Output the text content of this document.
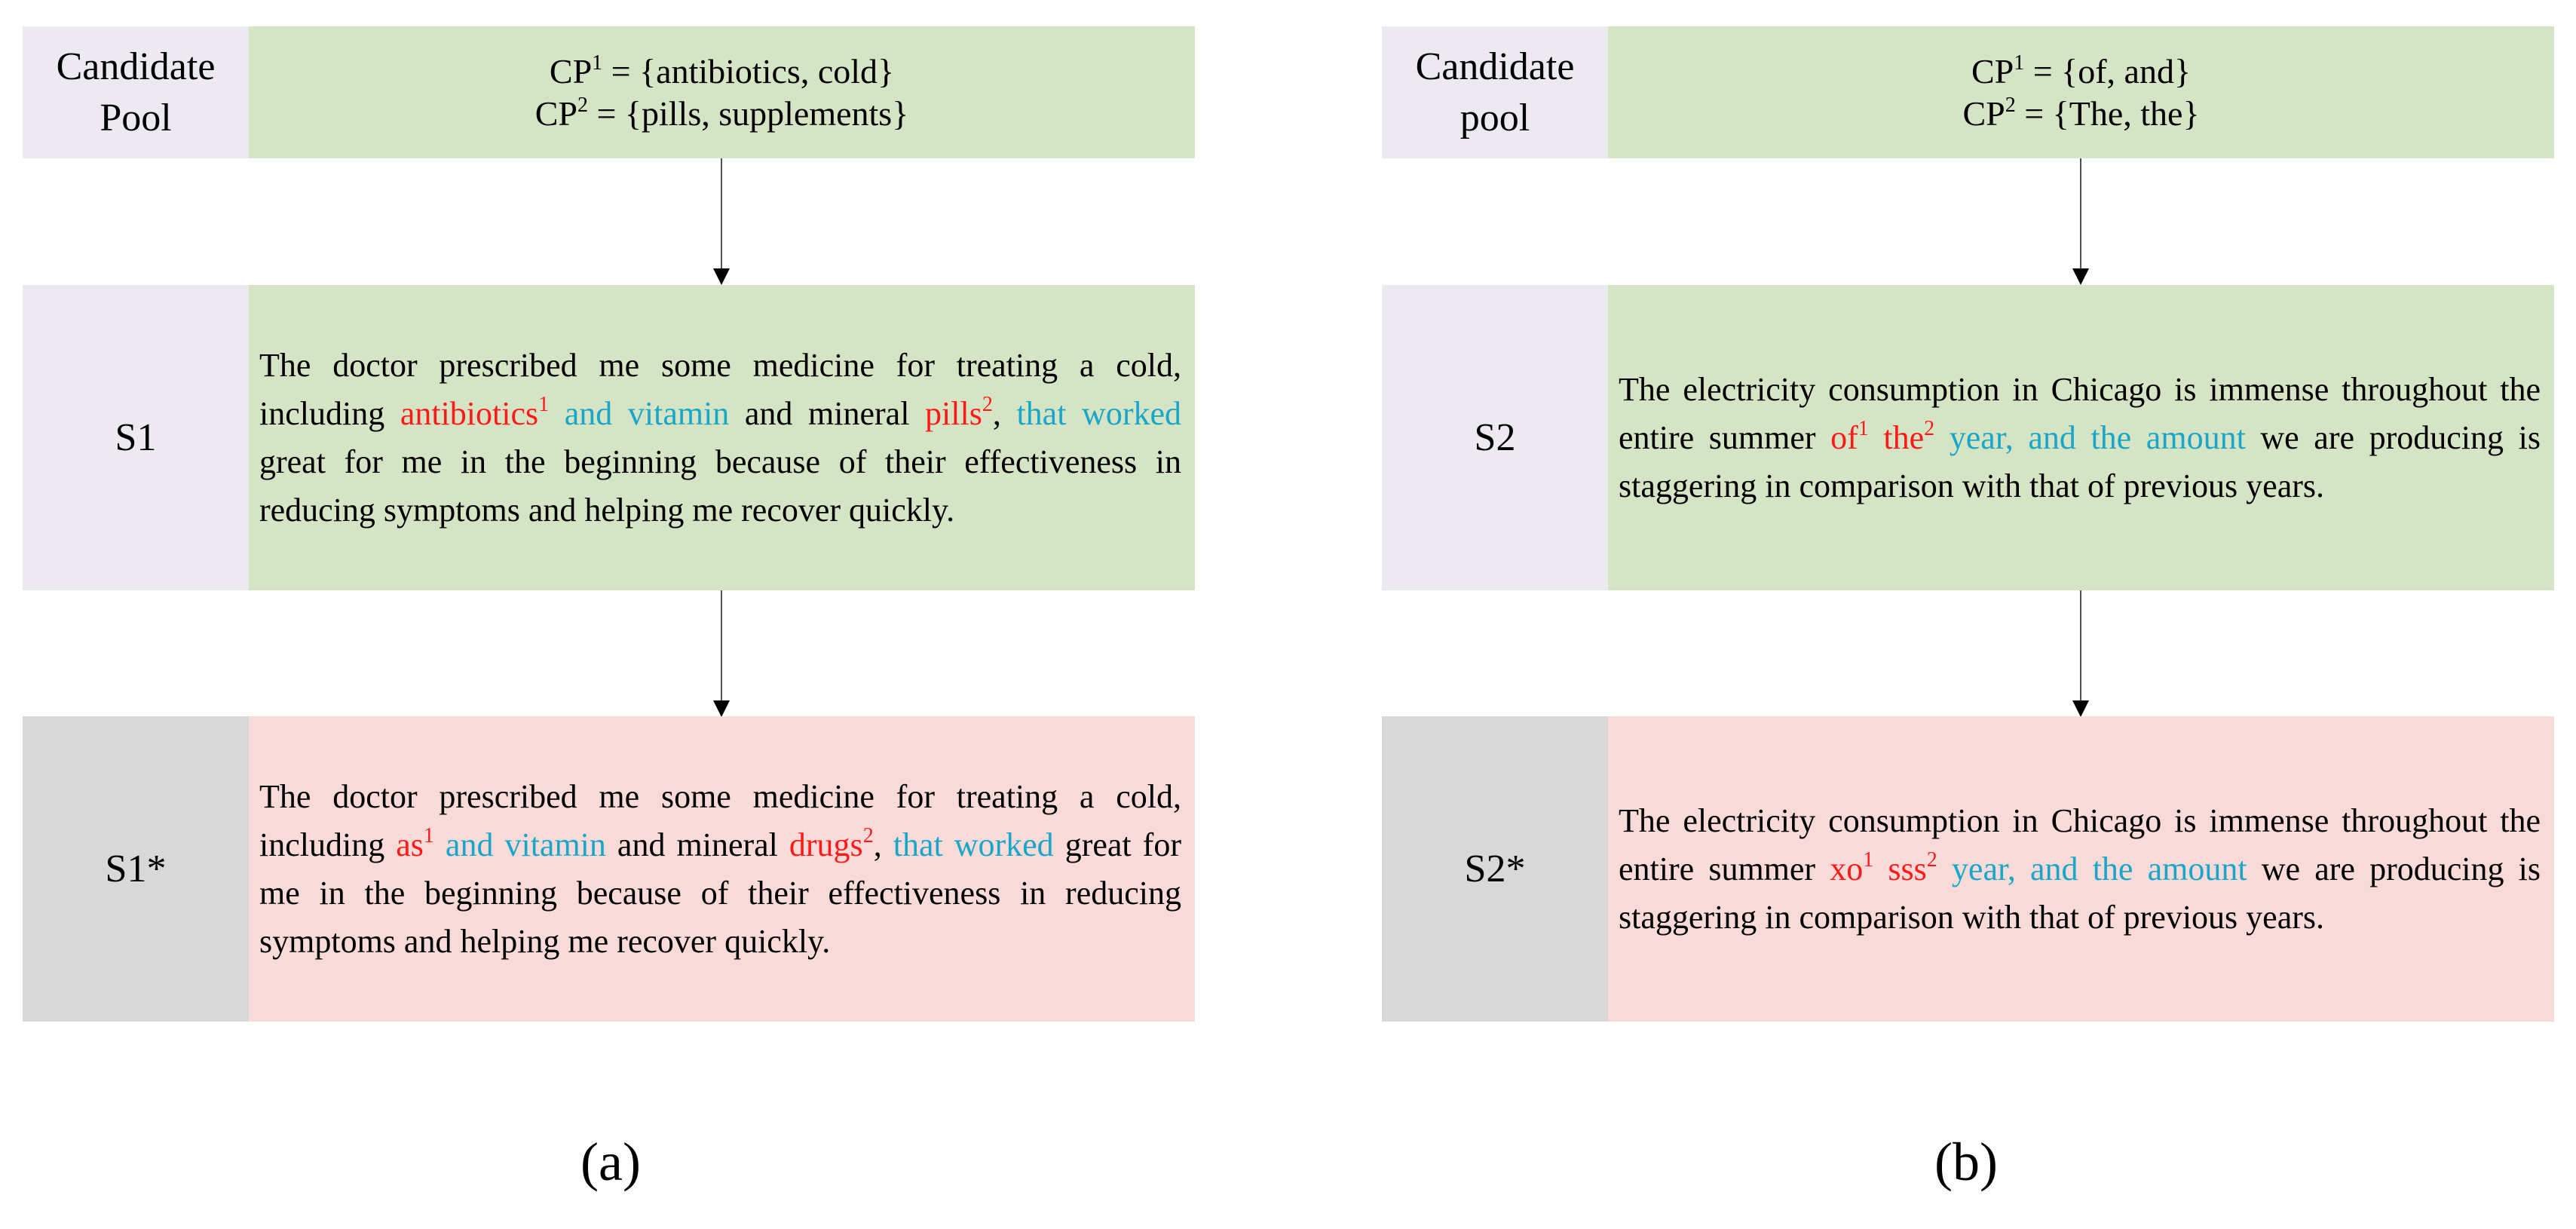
Candidate Pool
$CP^1$ = {antibiotics, cold}
$CP^2$ = {pills, supplements}
S1

The doctor prescribed me some medicine for treating a cold, including antibiotics$^1$ and vitamin and mineral pills$^2$, that worked great for me in the beginning because of their effectiveness in reducing symptoms and helping me recover quickly.

S1*

The doctor prescribed me some medicine for treating a cold, including $as^1$ and vitamin and mineral drugs$^2$, that worked great for me in the beginning because of their effectiveness in reducing symptoms and helping me recover quickly.

(a)
Candidate pool
$CP^1 = \{of$, and}
$CP^2 = \{The$, the}
S2

The electricity consumption in Chicago is immense throughout the entire summer $of^1$ the$^2$ year, and the amount we are producing is staggering in comparison with that of previous years.

S2*

The electricity consumption in Chicago is immense throughout the entire summer $xo^1$ sss$^2$ year, and the amount we are producing is staggering in comparison with that of previous years.

(b)
